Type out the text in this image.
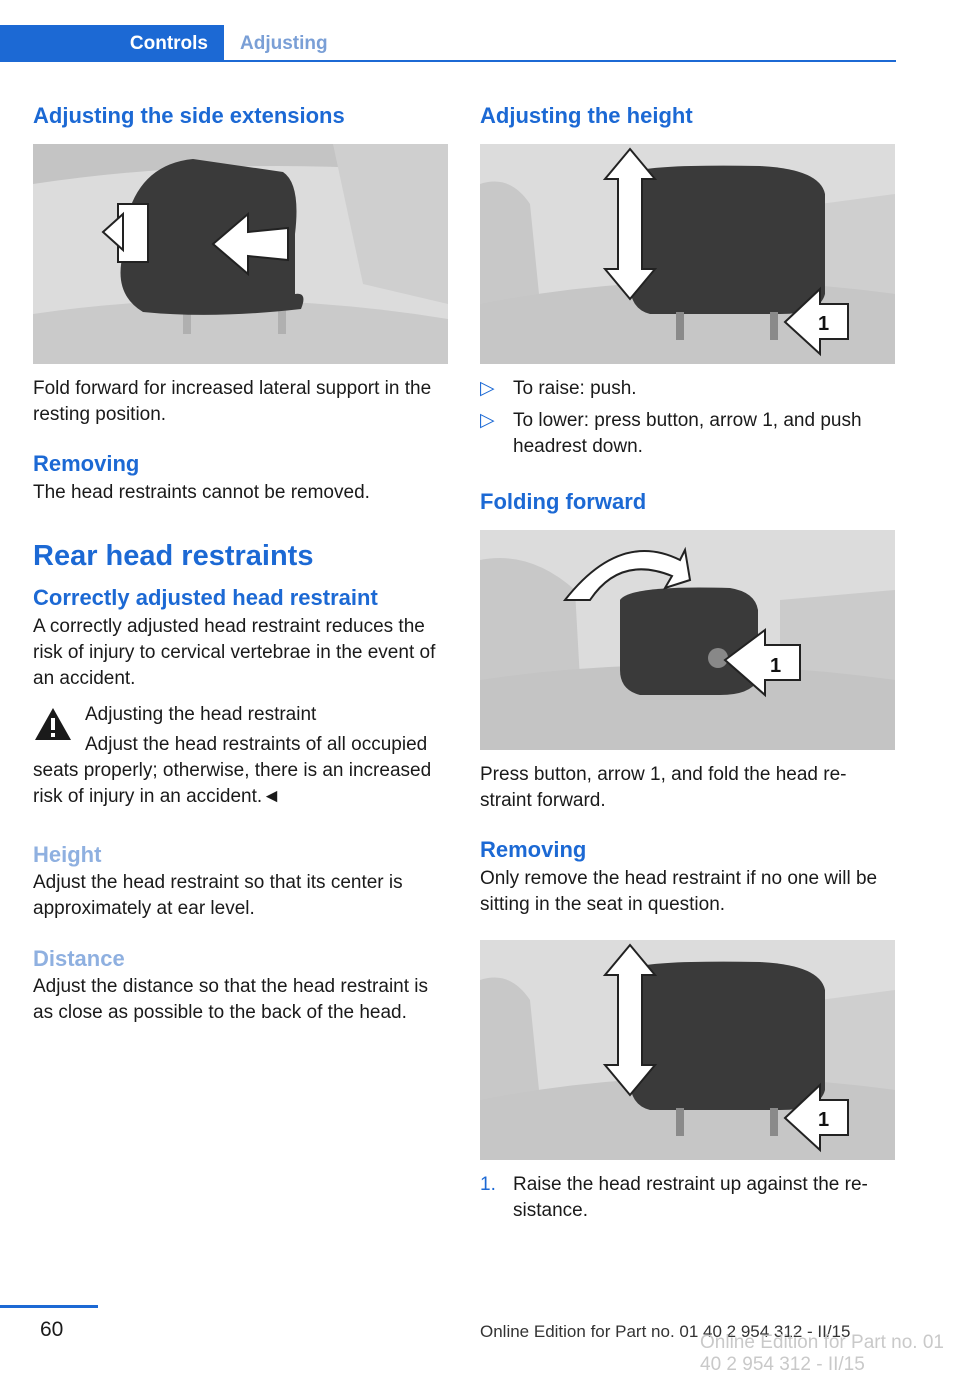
Controls	Adjusting
Adjusting the side extensions

Fold forward for increased lateral support in the resting position.

Removing

The head restraints cannot be removed.

Rear head restraints
Correctly adjusted head restraint

A correctly adjusted head restraint reduces the risk of injury to cervical vertebrae in the event of an accident.

Adjusting the head restraint

Adjust the head restraints of all occupied seats properly; otherwise, there is an increased risk of injury in an accident.◄

Height

Adjust the head restraint so that its center is approximately at ear level.

Distance

Adjust the distance so that the head restraint is as close as possible to the back of the head.

Adjusting the height
1
▷ To raise: push.
▷ To lower: press button, arrow 1, and push headrest down.
Folding forward
1

Press button, arrow 1, and fold the head re‐straint forward.

Removing

Only remove the head restraint if no one will be sitting in the seat in question.

1
1. Raise the head restraint up against the re‐sistance.
60	Online Edition for Part no. 01 40 2 954 312 - II/15
Online Edition for Part no. 01 40 2 954 312 - II/15
